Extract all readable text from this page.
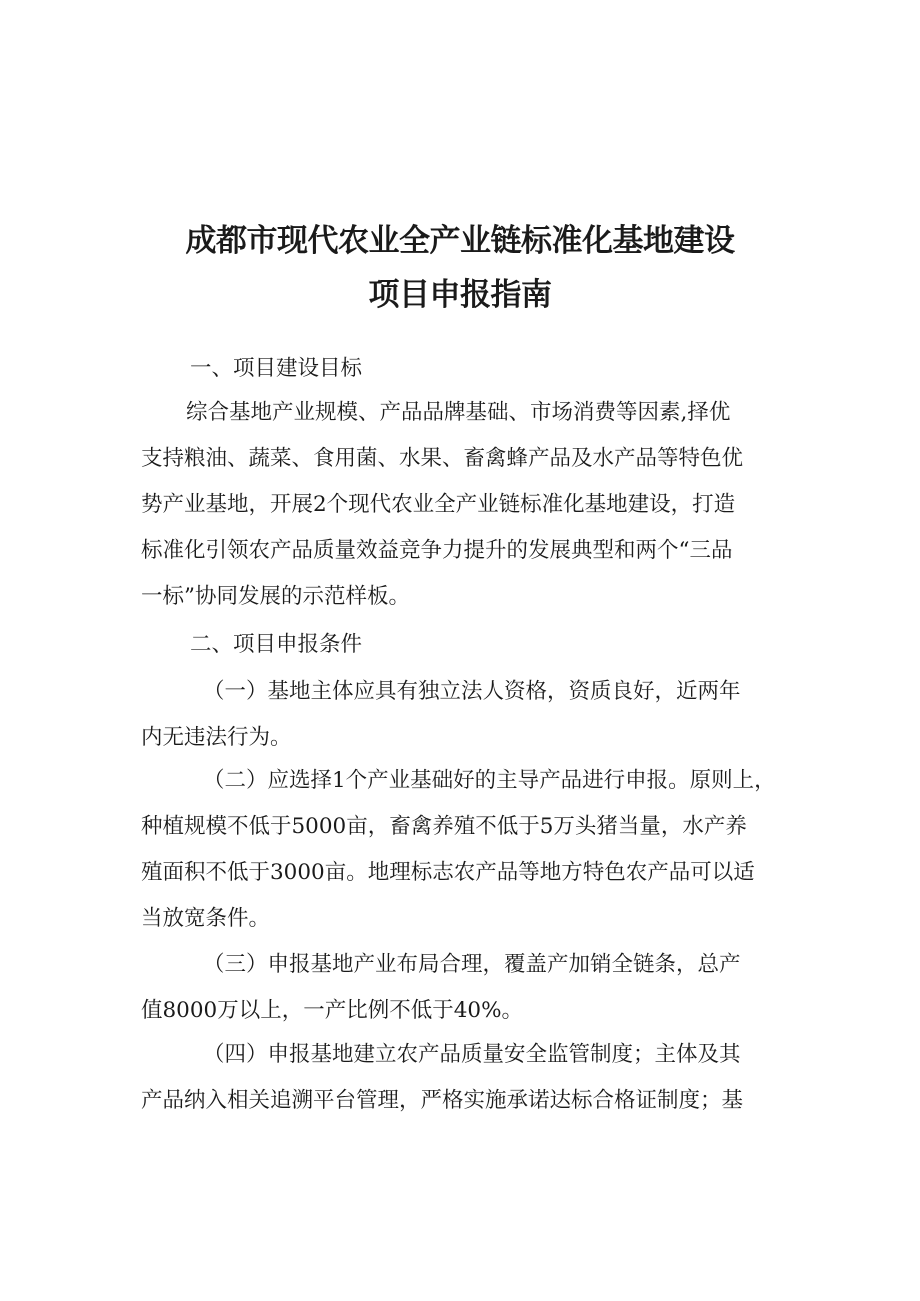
成都市现代农业全产业链标准化基地建设
项目申报指南
一、项目建设目标
综合基地产业规模、产品品牌基础、市场消费等因素,择优
支持粮油、蔬菜、食用菌、水果、畜禽蜂产品及水产品等特色优
势产业基地，开展2个现代农业全产业链标准化基地建设，打造
标准化引领农产品质量效益竞争力提升的发展典型和两个“三品
一标”协同发展的示范样板。
二、项目申报条件
（一）基地主体应具有独立法人资格，资质良好，近两年
内无违法行为。
（二）应选择1个产业基础好的主导产品进行申报。原则上，
种植规模不低于5000亩，畜禽养殖不低于5万头猪当量，水产养
殖面积不低于3000亩。地理标志农产品等地方特色农产品可以适
当放宽条件。
（三）申报基地产业布局合理，覆盖产加销全链条，总产
值8000万以上，一产比例不低于40%。
（四）申报基地建立农产品质量安全监管制度；主体及其
产品纳入相关追溯平台管理，严格实施承诺达标合格证制度；基
